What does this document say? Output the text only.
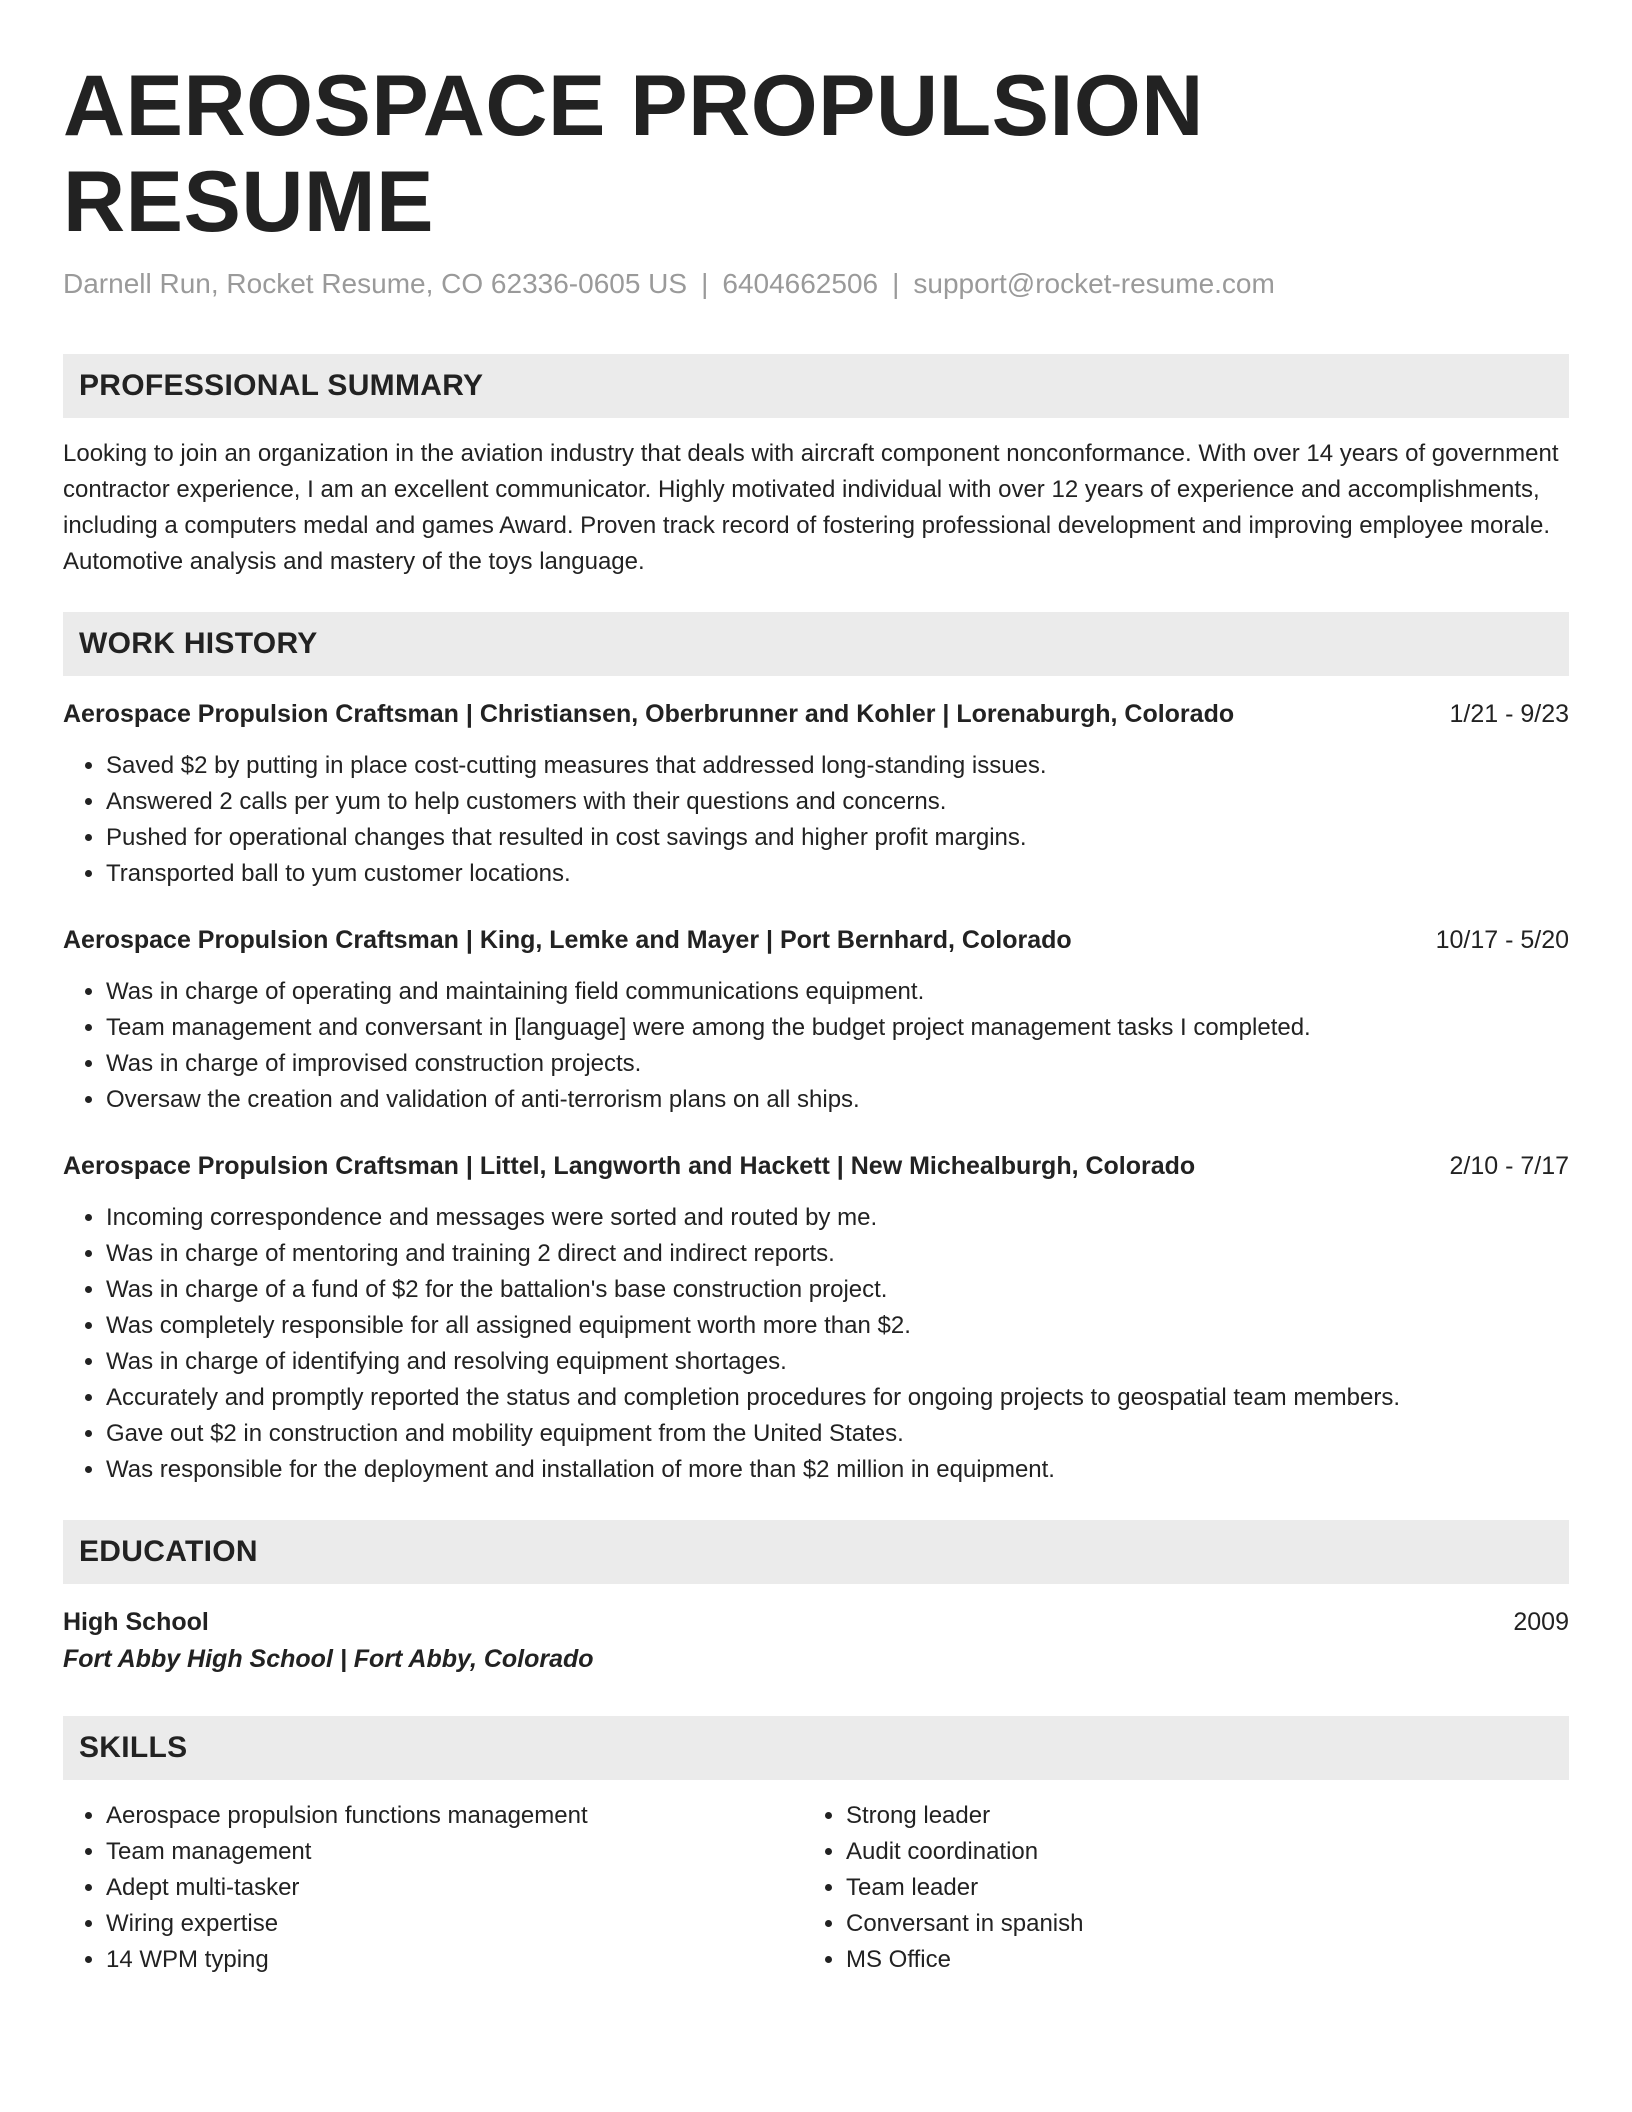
AEROSPACE PROPULSION RESUME
Darnell Run, Rocket Resume, CO 62336-0605 US | 6404662506 | support@rocket-resume.com
PROFESSIONAL SUMMARY
Looking to join an organization in the aviation industry that deals with aircraft component nonconformance. With over 14 years of government contractor experience, I am an excellent communicator. Highly motivated individual with over 12 years of experience and accomplishments, including a computers medal and games Award. Proven track record of fostering professional development and improving employee morale. Automotive analysis and mastery of the toys language.
WORK HISTORY
Aerospace Propulsion Craftsman | Christiansen, Oberbrunner and Kohler | Lorenaburgh, Colorado	1/21 - 9/23
• Saved $2 by putting in place cost-cutting measures that addressed long-standing issues.
• Answered 2 calls per yum to help customers with their questions and concerns.
• Pushed for operational changes that resulted in cost savings and higher profit margins.
• Transported ball to yum customer locations.
Aerospace Propulsion Craftsman | King, Lemke and Mayer | Port Bernhard, Colorado	10/17 - 5/20
• Was in charge of operating and maintaining field communications equipment.
• Team management and conversant in [language] were among the budget project management tasks I completed.
• Was in charge of improvised construction projects.
• Oversaw the creation and validation of anti-terrorism plans on all ships.
Aerospace Propulsion Craftsman | Littel, Langworth and Hackett | New Michealburgh, Colorado	2/10 - 7/17
• Incoming correspondence and messages were sorted and routed by me.
• Was in charge of mentoring and training 2 direct and indirect reports.
• Was in charge of a fund of $2 for the battalion's base construction project.
• Was completely responsible for all assigned equipment worth more than $2.
• Was in charge of identifying and resolving equipment shortages.
• Accurately and promptly reported the status and completion procedures for ongoing projects to geospatial team members.
• Gave out $2 in construction and mobility equipment from the United States.
• Was responsible for the deployment and installation of more than $2 million in equipment.
EDUCATION
High School	2009
Fort Abby High School | Fort Abby, Colorado
SKILLS
• Aerospace propulsion functions management
• Team management
• Adept multi-tasker
• Wiring expertise
• 14 WPM typing
• Strong leader
• Audit coordination
• Team leader
• Conversant in spanish
• MS Office
